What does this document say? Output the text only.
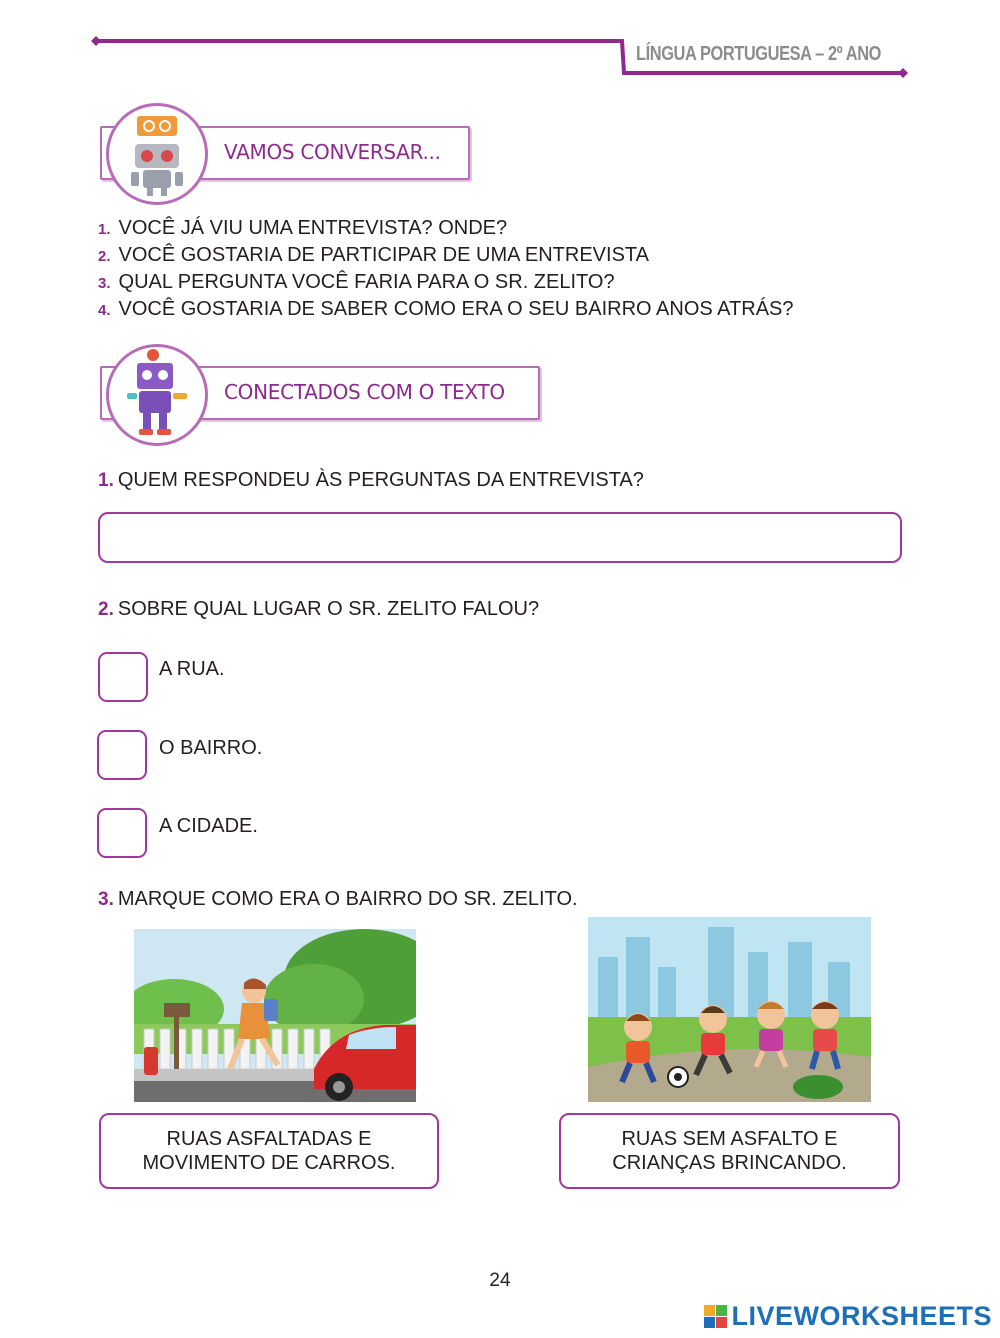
LÍNGUA PORTUGUESA – 2º ANO
VAMOS CONVERSAR...
1. VOCÊ JÁ VIU UMA ENTREVISTA? ONDE?
2. VOCÊ GOSTARIA DE PARTICIPAR DE UMA ENTREVISTA
3. QUAL PERGUNTA VOCÊ FARIA PARA O SR. ZELITO?
4. VOCÊ GOSTARIA DE SABER COMO ERA O SEU BAIRRO ANOS ATRÁS?
CONECTADOS COM O TEXTO
1. QUEM RESPONDEU ÀS PERGUNTAS DA ENTREVISTA?
2. SOBRE QUAL LUGAR O SR. ZELITO FALOU?
A RUA.
O BAIRRO.
A CIDADE.
3. MARQUE COMO ERA O BAIRRO DO SR. ZELITO.
RUAS ASFALTADAS E
MOVIMENTO DE CARROS.
RUAS SEM ASFALTO E
CRIANÇAS BRINCANDO.
24
LIVEWORKSHEETS
